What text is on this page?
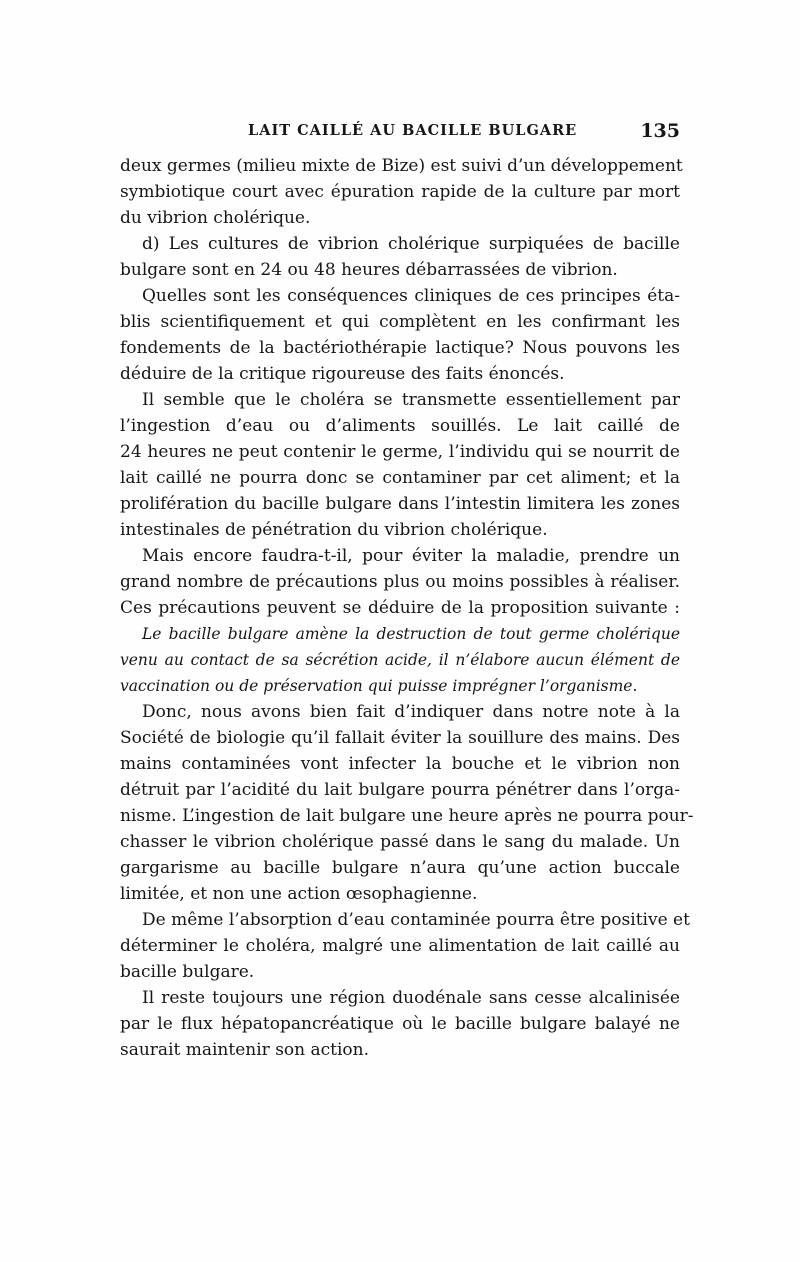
LAIT CAILLÉ AU BACILLE BULGARE	135
deux germes (milieu mixte de Bize) est suivi d’un développement
symbiotique court avec épuration rapide de la culture par mort
du vibrion cholérique.
d) Les cultures de vibrion cholérique surpiquées de bacille
bulgare sont en 24 ou 48 heures débarrassées de vibrion.
Quelles sont les conséquences cliniques de ces principes éta-
blis scientifiquement et qui complètent en les confirmant les
fondements de la bactériothérapie lactique? Nous pouvons les
déduire de la critique rigoureuse des faits énoncés.
Il semble que le choléra se transmette essentiellement par
l’ingestion d’eau ou d’aliments souillés. Le lait caillé de
24 heures ne peut contenir le germe, l’individu qui se nourrit de
lait caillé ne pourra donc se contaminer par cet aliment; et la
prolifération du bacille bulgare dans l’intestin limitera les zones
intestinales de pénétration du vibrion cholérique.
Mais encore faudra-t-il, pour éviter la maladie, prendre un
grand nombre de précautions plus ou moins possibles à réaliser.
Ces précautions peuvent se déduire de la proposition suivante :
Le bacille bulgare amène la destruction de tout germe cholérique
venu au contact de sa sécrétion acide, il n’élabore aucun élément de
vaccination ou de préservation qui puisse imprégner l’organisme.
Donc, nous avons bien fait d’indiquer dans notre note à la
Société de biologie qu’il fallait éviter la souillure des mains. Des
mains contaminées vont infecter la bouche et le vibrion non
détruit par l’acidité du lait bulgare pourra pénétrer dans l’orga-
nisme. L’ingestion de lait bulgare une heure après ne pourra pour-
chasser le vibrion cholérique passé dans le sang du malade. Un
gargarisme au bacille bulgare n’aura qu’une action buccale
limitée, et non une action œsophagienne.
De même l’absorption d’eau contaminée pourra être positive et
déterminer le choléra, malgré une alimentation de lait caillé au
bacille bulgare.
Il reste toujours une région duodénale sans cesse alcalinisée
par le flux hépatopancréatique où le bacille bulgare balayé ne
saurait maintenir son action.
